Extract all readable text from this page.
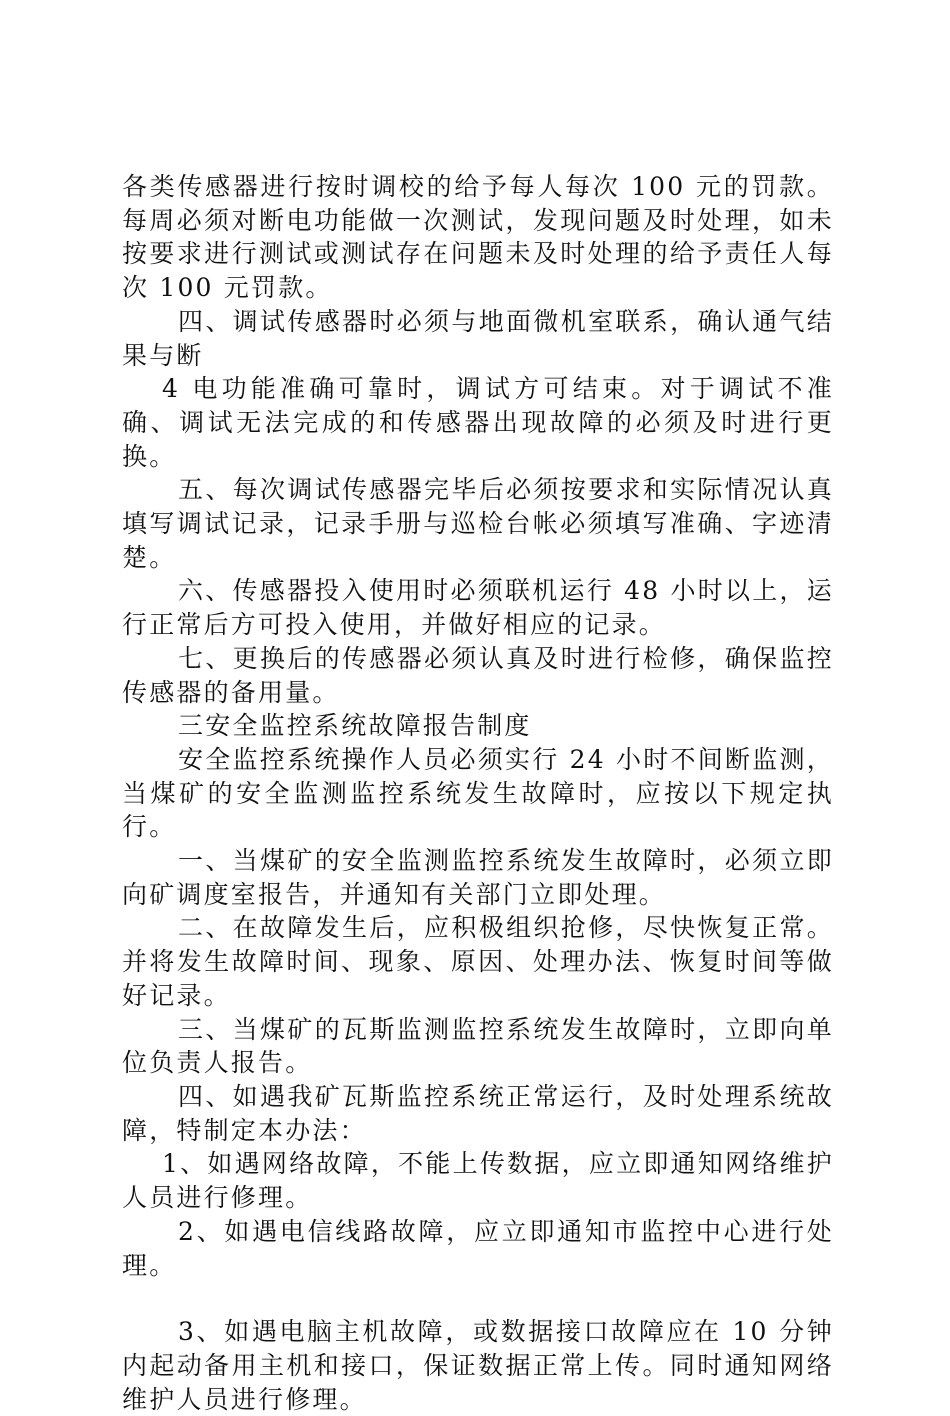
各类传感器进行按时调校的给予每人每次 100 元的罚款。每周必须对断电功能做一次测试，发现问题及时处理，如未按要求进行测试或测试存在问题未及时处理的给予责任人每次 100 元罚款。

四、调试传感器时必须与地面微机室联系，确认通气结果与断

4 电功能准确可靠时，调试方可结束。对于调试不准确、调试无法完成的和传感器出现故障的必须及时进行更换。

五、每次调试传感器完毕后必须按要求和实际情况认真填写调试记录，记录手册与巡检台帐必须填写准确、字迹清楚。

六、传感器投入使用时必须联机运行 48 小时以上，运行正常后方可投入使用，并做好相应的记录。

七、更换后的传感器必须认真及时进行检修，确保监控传感器的备用量。

三安全监控系统故障报告制度

安全监控系统操作人员必须实行 24 小时不间断监测，当煤矿的安全监测监控系统发生故障时，应按以下规定执行。

一、当煤矿的安全监测监控系统发生故障时，必须立即向矿调度室报告，并通知有关部门立即处理。

二、在故障发生后，应积极组织抢修，尽快恢复正常。并将发生故障时间、现象、原因、处理办法、恢复时间等做好记录。

三、当煤矿的瓦斯监测监控系统发生故障时，立即向单位负责人报告。

四、如遇我矿瓦斯监控系统正常运行，及时处理系统故障，特制定本办法：

1、如遇网络故障，不能上传数据，应立即通知网络维护人员进行修理。

2、如遇电信线路故障，应立即通知市监控中心进行处理。

3、如遇电脑主机故障，或数据接口故障应在 10 分钟内起动备用主机和接口，保证数据正常上传。同时通知网络维护人员进行修理。
